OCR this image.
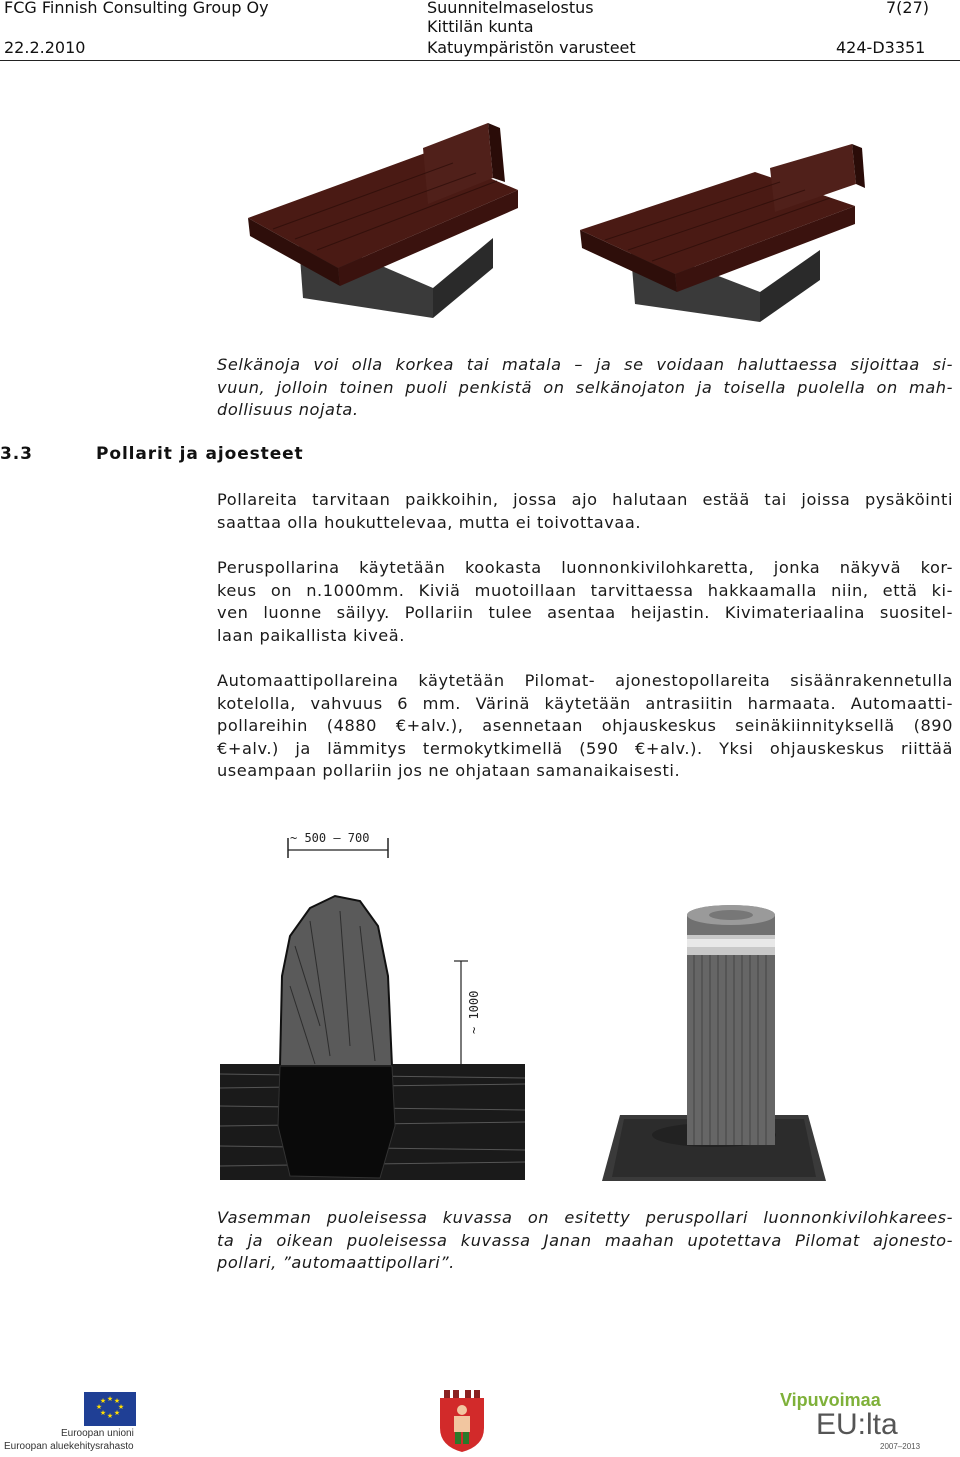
FCG Finnish Consulting Group Oy
22.2.2010
Suunnitelmaselostus
Kittilän kunta
Katuympäristön varusteet
7(27)
424-D3351
Selkänoja voi olla korkea tai matala – ja se voidaan haluttaessa sijoittaa si-
vuun, jolloin toinen puoli penkistä on selkänojaton ja toisella puolella on mah-
dollisuus nojata.
3.3	Pollarit ja ajoesteet
Pollareita tarvitaan paikkoihin, jossa ajo halutaan estää tai joissa pysäköinti
saattaa olla houkuttelevaa, mutta ei toivottavaa.
Peruspollarina käytetään kookasta luonnonkivilohkaretta, jonka näkyvä kor-
keus on n.1000mm. Kiviä muotoillaan tarvittaessa hakkaamalla niin, että ki-
ven luonne säilyy. Pollariin tulee asentaa heijastin. Kivimateriaalina suositel-
laan paikallista kiveä.
Automaattipollareina käytetään Pilomat- ajonestopollareita sisäänrakennetulla
kotelolla, vahvuus 6 mm. Värinä käytetään antrasiitin harmaata. Automaatti-
pollareihin (4880 €+alv.), asennetaan ohjauskeskus seinäkiinnityksellä (890
€+alv.) ja lämmitys termokytkimellä (590 €+alv.). Yksi ohjauskeskus riittää
useampaan pollariin jos ne ohjataan samanaikaisesti.
~ 500 – 700
~ 1000
Vasemman puoleisessa kuvassa on esitetty peruspollari luonnonkivilohkarees-
ta ja oikean puoleisessa kuvassa Janan maahan upotettava Pilomat ajonesto-
pollari, ”automaattipollari”.
★ ★
★
★
★
★
★
★
Euroopan unioni
Euroopan aluekehitysrahasto
Vipuvoimaa
EU:lta
2007–2013
